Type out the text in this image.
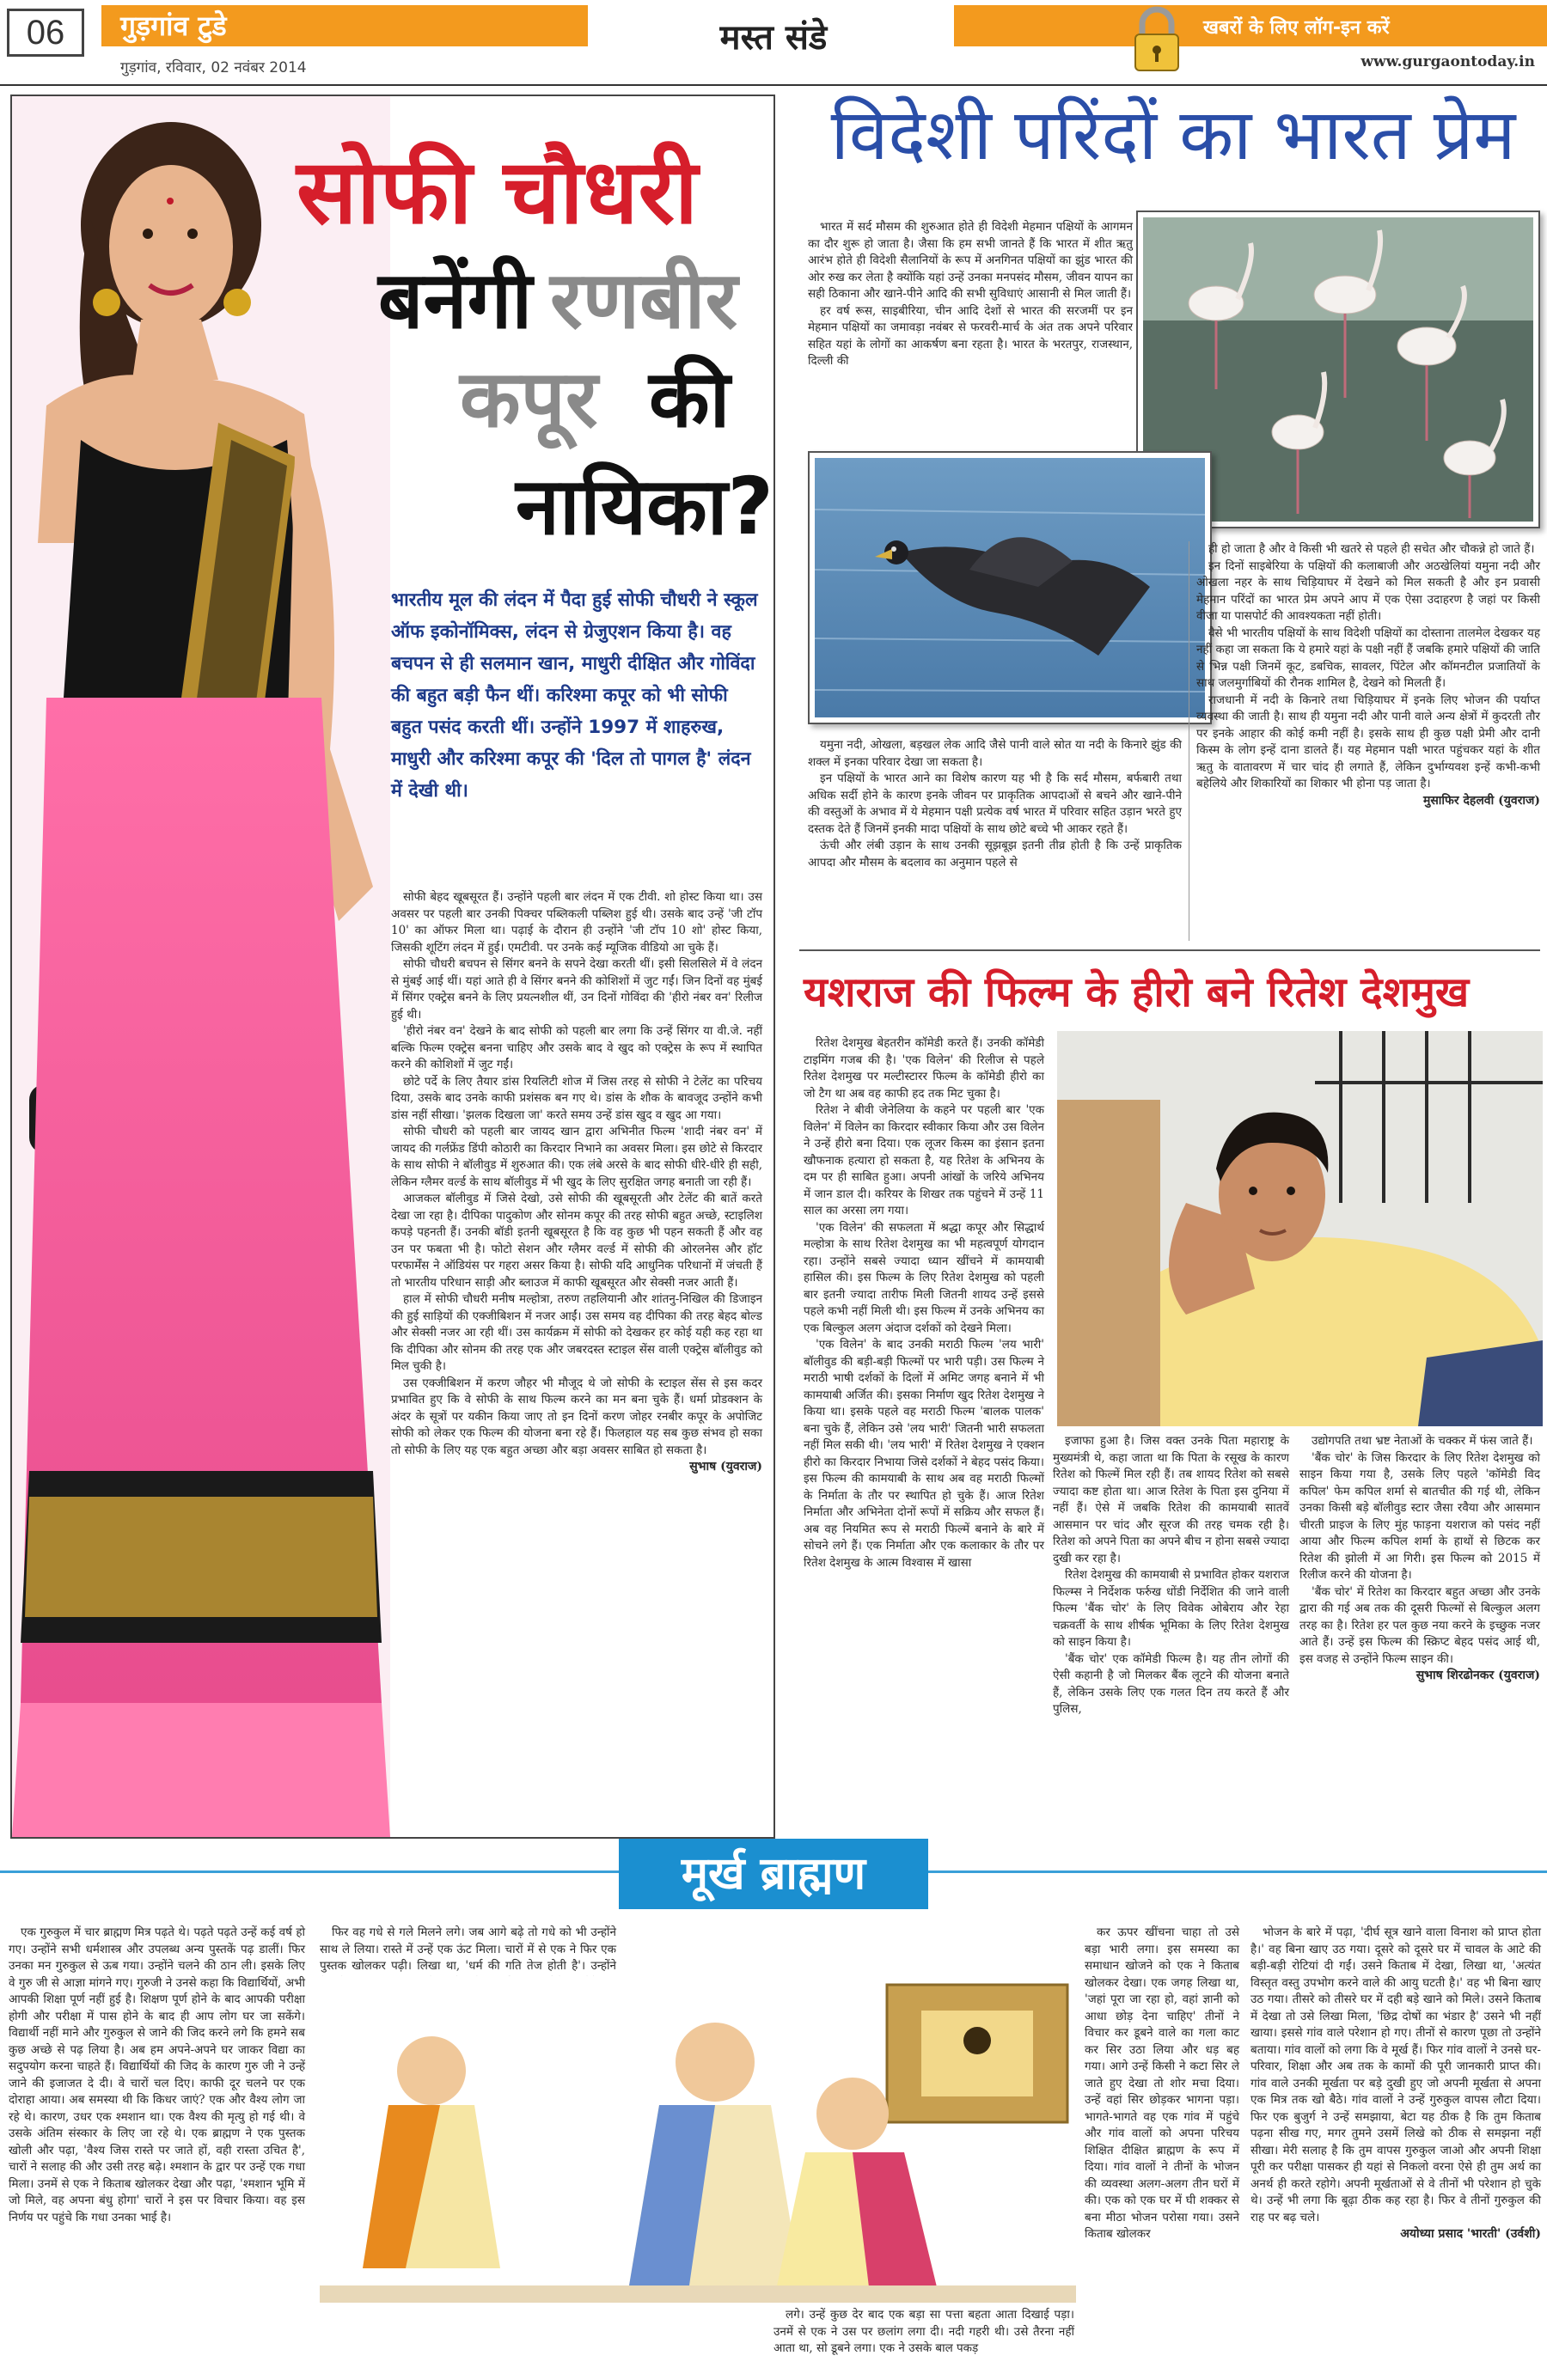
06	गुड़गांव टुडे
गुड़गांव, रविवार, 02 नवंबर 2014
मस्त संडे	खबरों के लिए लॉग-इन करें
www.gurgaontoday.in
सोफी चौधरी
बनेंगी रणबीर
कपूर की
नायिका?
भारतीय मूल की लंदन में पैदा हुई सोफी चौधरी ने स्कूल ऑफ इकोनॉमिक्स, लंदन से ग्रेजुएशन किया है। वह बचपन से ही सलमान खान, माधुरी दीक्षित और गोविंदा की बहुत बड़ी फैन थीं। करिश्मा कपूर को भी सोफी बहुत पसंद करती थीं। उन्होंने 1997 में शाहरुख, माधुरी और करिश्मा कपूर की 'दिल तो पागल है' लंदन में देखी थी।

सोफी बेहद खूबसूरत हैं। उन्होंने पहली बार लंदन में एक टीवी. शो होस्ट किया था। उस अवसर पर पहली बार उनकी पिक्चर पब्लिकली पब्लिश हुई थी। उसके बाद उन्हें 'जी टॉप 10' का ऑफर मिला था। पढ़ाई के दौरान ही उन्होंने 'जी टॉप 10 शो' होस्ट किया, जिसकी शूटिंग लंदन में हुई। एमटीवी. पर उनके कई म्यूजिक वीडियो आ चुके हैं।

सोफी चौधरी बचपन से सिंगर बनने के सपने देखा करती थीं। इसी सिलसिले में वे लंदन से मुंबई आई थीं। यहां आते ही वे सिंगर बनने की कोशिशों में जुट गईं। जिन दिनों वह मुंबई में सिंगर एक्ट्रेस बनने के लिए प्रयत्नशील थीं, उन दिनों गोविंदा की 'हीरो नंबर वन' रिलीज हुई थी।

'हीरो नंबर वन' देखने के बाद सोफी को पहली बार लगा कि उन्हें सिंगर या वी.जे. नहीं बल्कि फिल्म एक्ट्रेस बनना चाहिए और उसके बाद वे खुद को एक्ट्रेस के रूप में स्थापित करने की कोशिशों में जुट गईं।

छोटे पर्दे के लिए तैयार डांस रियलिटी शोज में जिस तरह से सोफी ने टेलेंट का परिचय दिया, उसके बाद उनके काफी प्रशंसक बन गए थे। डांस के शौक के बावजूद उन्होंने कभी डांस नहीं सीखा। 'झलक दिखला जा' करते समय उन्हें डांस खुद व खुद आ गया।

सोफी चौधरी को पहली बार जायद खान द्वारा अभिनीत फिल्म 'शादी नंबर वन' में जायद की गर्लफ्रेंड डिंपी कोठारी का किरदार निभाने का अवसर मिला। इस छोटे से किरदार के साथ सोफी ने बॉलीवुड में शुरुआत की। एक लंबे अरसे के बाद सोफी धीरे-धीरे ही सही, लेकिन ग्लैमर वर्ल्ड के साथ बॉलीवुड में भी खुद के लिए सुरक्षित जगह बनाती जा रही हैं।

आजकल बॉलीवुड में जिसे देखो, उसे सोफी की खूबसूरती और टेलेंट की बातें करते देखा जा रहा है। दीपिका पादुकोण और सोनम कपूर की तरह सोफी बहुत अच्छे, स्टाइलिश कपड़े पहनती हैं। उनकी बॉडी इतनी खूबसूरत है कि वह कुछ भी पहन सकती हैं और वह उन पर फबता भी है। फोटो सेशन और ग्लैमर वर्ल्ड में सोफी की ओरलनेस और हॉट परफार्मेंस ने ऑडियंस पर गहरा असर किया है। सोफी यदि आधुनिक परिधानों में जंचती हैं तो भारतीय परिधान साड़ी और ब्लाउज में काफी खूबसूरत और सेक्सी नजर आती हैं।

हाल में सोफी चौधरी मनीष मल्होत्रा, तरुण तहलियानी और शांतनु-निखिल की डिजाइन की हुई साड़ियों की एक्जीबिशन में नजर आईं। उस समय वह दीपिका की तरह बेहद बोल्ड और सेक्सी नजर आ रही थीं। उस कार्यक्रम में सोफी को देखकर हर कोई यही कह रहा था कि दीपिका और सोनम की तरह एक और जबरदस्त स्टाइल सेंस वाली एक्ट्रेस बॉलीवुड को मिल चुकी है।

उस एक्जीबिशन में करण जौहर भी मौजूद थे जो सोफी के स्टाइल सेंस से इस कदर प्रभावित हुए कि वे सोफी के साथ फिल्म करने का मन बना चुके हैं। धर्मा प्रोडक्शन के अंदर के सूत्रों पर यकीन किया जाए तो इन दिनों करण जोहर रनबीर कपूर के अपोजिट सोफी को लेकर एक फिल्म की योजना बना रहे हैं। फिलहाल यह सब कुछ संभव हो सका तो सोफी के लिए यह एक बहुत अच्छा और बड़ा अवसर साबित हो सकता है।

सुभाष (युवराज)
विदेशी परिंदों का भारत प्रेम

भारत में सर्द मौसम की शुरुआत होते ही विदेशी मेहमान पक्षियों के आगमन का दौर शुरू हो जाता है। जैसा कि हम सभी जानते हैं कि भारत में शीत ऋतु आरंभ होते ही विदेशी सैलानियों के रूप में अनगिनत पक्षियों का झुंड भारत की ओर रुख कर लेता है क्योंकि यहां उन्हें उनका मनपसंद मौसम, जीवन यापन का सही ठिकाना और खाने-पीने आदि की सभी सुविधाएं आसानी से मिल जाती हैं।

हर वर्ष रूस, साइबीरिया, चीन आदि देशों से भारत की सरजमीं पर इन मेहमान पक्षियों का जमावड़ा नवंबर से फरवरी-मार्च के अंत तक अपने परिवार सहित यहां के लोगों का आकर्षण बना रहता है। भारत के भरतपुर, राजस्थान, दिल्ली की

यमुना नदी, ओखला, बड़खल लेक आदि जैसे पानी वाले स्रोत या नदी के किनारे झुंड की शक्ल में इनका परिवार देखा जा सकता है।

इन पक्षियों के भारत आने का विशेष कारण यह भी है कि सर्द मौसम, बर्फबारी तथा अधिक सर्दी होने के कारण इनके जीवन पर प्राकृतिक आपदाओं से बचने और खाने-पीने की वस्तुओं के अभाव में ये मेहमान पक्षी प्रत्येक वर्ष भारत में परिवार सहित उड़ान भरते हुए दस्तक देते हैं जिनमें इनकी मादा पक्षियों के साथ छोटे बच्चे भी आकर रहते हैं।

ऊंची और लंबी उड़ान के साथ उनकी सूझबूझ इतनी तीव्र होती है कि उन्हें प्राकृतिक आपदा और मौसम के बदलाव का अनुमान पहले से

ही हो जाता है और वे किसी भी खतरे से पहले ही सचेत और चौकन्ने हो जाते हैं।

इन दिनों साइबेरिया के पक्षियों की कलाबाजी और अठखेलियां यमुना नदी और ओखला नहर के साथ चिड़ियाघर में देखने को मिल सकती है और इन प्रवासी मेहमान परिंदों का भारत प्रेम अपने आप में एक ऐसा उदाहरण है जहां पर किसी वीजा या पासपोर्ट की आवश्यकता नहीं होती।

वैसे भी भारतीय पक्षियों के साथ विदेशी पक्षियों का दोस्ताना तालमेल देखकर यह नहीं कहा जा सकता कि ये हमारे यहां के पक्षी नहीं हैं जबकि हमारे पक्षियों की जाति से भिन्न पक्षी जिनमें कूट, डबचिक, सावलर, पिंटेल और कॉमनटील प्रजातियों के साथ जलमुर्गाबियों की रौनक शामिल है, देखने को मिलती हैं।

राजधानी में नदी के किनारे तथा चिड़ियाघर में इनके लिए भोजन की पर्याप्त व्यवस्था की जाती है। साथ ही यमुना नदी और पानी वाले अन्य क्षेत्रों में कुदरती तौर पर इनके आहार की कोई कमी नहीं है। इसके साथ ही कुछ पक्षी प्रेमी और दानी किस्म के लोग इन्हें दाना डालते हैं। यह मेहमान पक्षी भारत पहुंचकर यहां के शीत ऋतु के वातावरण में चार चांद ही लगाते हैं, लेकिन दुर्भाग्यवश इन्हें कभी-कभी बहेलिये और शिकारियों का शिकार भी होना पड़ जाता है।

मुसाफिर देहलवी (युवराज)
यशराज की फिल्म के हीरो बने रितेश देशमुख

रितेश देशमुख बेहतरीन कॉमेडी करते हैं। उनकी कॉमेडी टाइमिंग गजब की है। 'एक विलेन' की रिलीज से पहले रितेश देशमुख पर मल्टीस्टारर फिल्म के कॉमेडी हीरो का जो टैग था अब वह काफी हद तक मिट चुका है।

रितेश ने बीवी जेनेलिया के कहने पर पहली बार 'एक विलेन' में विलेन का किरदार स्वीकार किया और उस विलेन ने उन्हें हीरो बना दिया। एक लूजर किस्म का इंसान इतना खौफनाक हत्यारा हो सकता है, यह रितेश के अभिनय के दम पर ही साबित हुआ। अपनी आंखों के जरिये अभिनय में जान डाल दी। करियर के शिखर तक पहुंचने में उन्हें 11 साल का अरसा लग गया।

'एक विलेन' की सफलता में श्रद्धा कपूर और सिद्धार्थ मल्होत्रा के साथ रितेश देशमुख का भी महत्वपूर्ण योगदान रहा। उन्होंने सबसे ज्यादा ध्यान खींचने में कामयाबी हासिल की। इस फिल्म के लिए रितेश देशमुख को पहली बार इतनी ज्यादा तारीफ मिली जितनी शायद उन्हें इससे पहले कभी नहीं मिली थी। इस फिल्म में उनके अभिनय का एक बिल्कुल अलग अंदाज दर्शकों को देखने मिला।

'एक विलेन' के बाद उनकी मराठी फिल्म 'लय भारी' बॉलीवुड की बड़ी-बड़ी फिल्मों पर भारी पड़ी। उस फिल्म ने मराठी भाषी दर्शकों के दिलों में अमिट जगह बनाने में भी कामयाबी अर्जित की। इसका निर्माण खुद रितेश देशमुख ने किया था। इसके पहले वह मराठी फिल्म 'बालक पालक' बना चुके हैं, लेकिन उसे 'लय भारी' जितनी भारी सफलता नहीं मिल सकी थी। 'लय भारी' में रितेश देशमुख ने एक्शन हीरो का किरदार निभाया जिसे दर्शकों ने बेहद पसंद किया। इस फिल्म की कामयाबी के साथ अब वह मराठी फिल्मों के निर्माता के तौर पर स्थापित हो चुके हैं। आज रितेश निर्माता और अभिनेता दोनों रूपों में सक्रिय और सफल हैं। अब वह नियमित रूप से मराठी फिल्में बनाने के बारे में सोचने लगे हैं। एक निर्माता और एक कलाकार के तौर पर रितेश देशमुख के आत्म विश्वास में खासा

इजाफा हुआ है। जिस वक्त उनके पिता महाराष्ट्र के मुख्यमंत्री थे, कहा जाता था कि पिता के रसूख के कारण रितेश को फिल्में मिल रही हैं। तब शायद रितेश को सबसे ज्यादा कष्ट होता था। आज रितेश के पिता इस दुनिया में नहीं हैं। ऐसे में जबकि रितेश की कामयाबी सातवें आसमान पर चांद और सूरज की तरह चमक रही है। रितेश को अपने पिता का अपने बीच न होना सबसे ज्यादा दुखी कर रहा है।

रितेश देशमुख की कामयाबी से प्रभावित होकर यशराज फिल्म्स ने निर्देशक फर्रुख धोंडी निर्देशित की जाने वाली फिल्म 'बैंक चोर' के लिए विवेक ओबेराय और रेहा चक्रवर्ती के साथ शीर्षक भूमिका के लिए रितेश देशमुख को साइन किया है।

'बैंक चोर' एक कॉमेडी फिल्म है। यह तीन लोगों की ऐसी कहानी है जो मिलकर बैंक लूटने की योजना बनाते हैं, लेकिन उसके लिए एक गलत दिन तय करते हैं और पुलिस,

उद्योगपति तथा भ्रष्ट नेताओं के चक्कर में फंस जाते हैं।

'बैंक चोर' के जिस किरदार के लिए रितेश देशमुख को साइन किया गया है, उसके लिए पहले 'कॉमेडी विद कपिल' फेम कपिल शर्मा से बातचीत की गई थी, लेकिन उनका किसी बड़े बॉलीवुड स्टार जैसा रवैया और आसमान चीरती प्राइज के लिए मुंह फाड़ना यशराज को पसंद नहीं आया और फिल्म कपिल शर्मा के हाथों से छिटक कर रितेश की झोली में आ गिरी। इस फिल्म को 2015 में रिलीज करने की योजना है।

'बैंक चोर' में रितेश का किरदार बहुत अच्छा और उनके द्वारा की गई अब तक की दूसरी फिल्मों से बिल्कुल अलग तरह का है। रितेश हर पल कुछ नया करने के इच्छुक नजर आते हैं। उन्हें इस फिल्म की स्क्रिप्ट बेहद पसंद आई थी, इस वजह से उन्होंने फिल्म साइन की।

सुभाष शिरढोनकर (युवराज)
मूर्ख ब्राह्मण

एक गुरुकुल में चार ब्राह्मण मित्र पढ़ते थे। पढ़ते पढ़ते उन्हें कई वर्ष हो गए। उन्होंने सभी धर्मशास्त्र और उपलब्ध अन्य पुस्तकें पढ़ डालीं। फिर उनका मन गुरुकुल से ऊब गया। उन्होंने चलने की ठान ली। इसके लिए वे गुरु जी से आज्ञा मांगने गए। गुरुजी ने उनसे कहा कि विद्यार्थियों, अभी आपकी शिक्षा पूर्ण नहीं हुई है। शिक्षण पूर्ण होने के बाद आपकी परीक्षा होगी और परीक्षा में पास होने के बाद ही आप लोग घर जा सकेंगे। विद्यार्थी नहीं माने और गुरुकुल से जाने की जिद करने लगे कि हमने सब कुछ अच्छे से पढ़ लिया है। अब हम अपने-अपने घर जाकर विद्या का सदुपयोग करना चाहते हैं। विद्यार्थियों की जिद के कारण गुरु जी ने उन्हें जाने की इजाजत दे दी। वे चारों चल दिए। काफी दूर चलने पर एक दोराहा आया। अब समस्या थी कि किधर जाएं? एक और वैश्य लोग जा रहे थे। कारण, उधर एक श्मशान था। एक वैश्य की मृत्यु हो गई थी। वे उसके अंतिम संस्कार के लिए जा रहे थे। एक ब्राह्मण ने एक पुस्तक खोली और पढ़ा, 'वैश्य जिस रास्ते पर जाते हों, वही रास्ता उचित है', चारों ने सलाह की और उसी तरह बढ़े। श्मशान के द्वार पर उन्हें एक गधा मिला। उनमें से एक ने किताब खोलकर देखा और पढ़ा, 'श्मशान भूमि में जो मिले, वह अपना बंधु होगा' चारों ने इस पर विचार किया। वह इस निर्णय पर पहुंचे कि गधा उनका भाई है।

फिर वह गधे से गले मिलने लगे। जब आगे बढ़े तो गधे को भी उन्होंने साथ ले लिया। रास्ते में उन्हें एक ऊंट मिला। चारों में से एक ने फिर एक पुस्तक खोलकर पढ़ी। लिखा था, 'धर्म की गति तेज होती है'। उन्होंने

लगे। उन्हें कुछ देर बाद एक बड़ा सा पत्ता बहता आता दिखाई पड़ा। उनमें से एक ने उस पर छलांग लगा दी। नदी गहरी थी। उसे तैरना नहीं आता था, सो डूबने लगा। एक ने उसके बाल पकड़

कर ऊपर खींचना चाहा तो उसे बड़ा भारी लगा। इस समस्या का समाधान खोजने को एक ने किताब खोलकर देखा। एक जगह लिखा था, 'जहां पूरा जा रहा हो, वहां ज्ञानी को आधा छोड़ देना चाहिए' तीनों ने विचार कर डूबने वाले का गला काट कर सिर उठा लिया और धड़ बह गया। आगे उन्हें किसी ने कटा सिर ले जाते हुए देखा तो शोर मचा दिया। उन्हें वहां सिर छोड़कर भागना पड़ा। भागते-भागते वह एक गांव में पहुंचे और गांव वालों को अपना परिचय शिक्षित दीक्षित ब्राह्मण के रूप में दिया। गांव वालों ने तीनों के भोजन की व्यवस्था अलग-अलग तीन घरों में की। एक को एक घर में घी शक्कर से बना मीठा भोजन परोसा गया। उसने किताब खोलकर

भोजन के बारे में पढ़ा, 'दीर्घ सूत्र खाने वाला विनाश को प्राप्त होता है।' वह बिना खाए उठ गया। दूसरे को दूसरे घर में चावल के आटे की बड़ी-बड़ी रोटियां दी गईं। उसने किताब में देखा, लिखा था, 'अत्यंत विस्तृत वस्तु उपभोग करने वाले की आयु घटती है।' वह भी बिना खाए उठ गया। तीसरे को तीसरे घर में दही बड़े खाने को मिले। उसने किताब में देखा तो उसे लिखा मिला, 'छिद्र दोषों का भंडार है' उसने भी नहीं खाया। इससे गांव वाले परेशान हो गए। तीनों से कारण पूछा तो उन्होंने बताया। गांव वालों को लगा कि वे मूर्ख हैं। फिर गांव वालों ने उनसे घर-परिवार, शिक्षा और अब तक के कामों की पूरी जानकारी प्राप्त की। गांव वाले उनकी मूर्खता पर बड़े दुखी हुए जो अपनी मूर्खता से अपना एक मित्र तक खो बैठे। गांव वालों ने उन्हें गुरुकुल वापस लौटा दिया। फिर एक बुजुर्ग ने उन्हें समझाया, बेटा यह ठीक है कि तुम किताब पढ़ना सीख गए, मगर तुमने उसमें लिखे को ठीक से समझना नहीं सीखा। मेरी सलाह है कि तुम वापस गुरुकुल जाओ और अपनी शिक्षा पूरी कर परीक्षा पासकर ही यहां से निकलो वरना ऐसे ही तुम अर्थ का अनर्थ ही करते रहोगे। अपनी मूर्खताओं से वे तीनों भी परेशान हो चुके थे। उन्हें भी लगा कि बूढ़ा ठीक कह रहा है। फिर वे तीनों गुरुकुल की राह पर बढ़ चले।

अयोध्या प्रसाद 'भारती' (उर्वशी)
